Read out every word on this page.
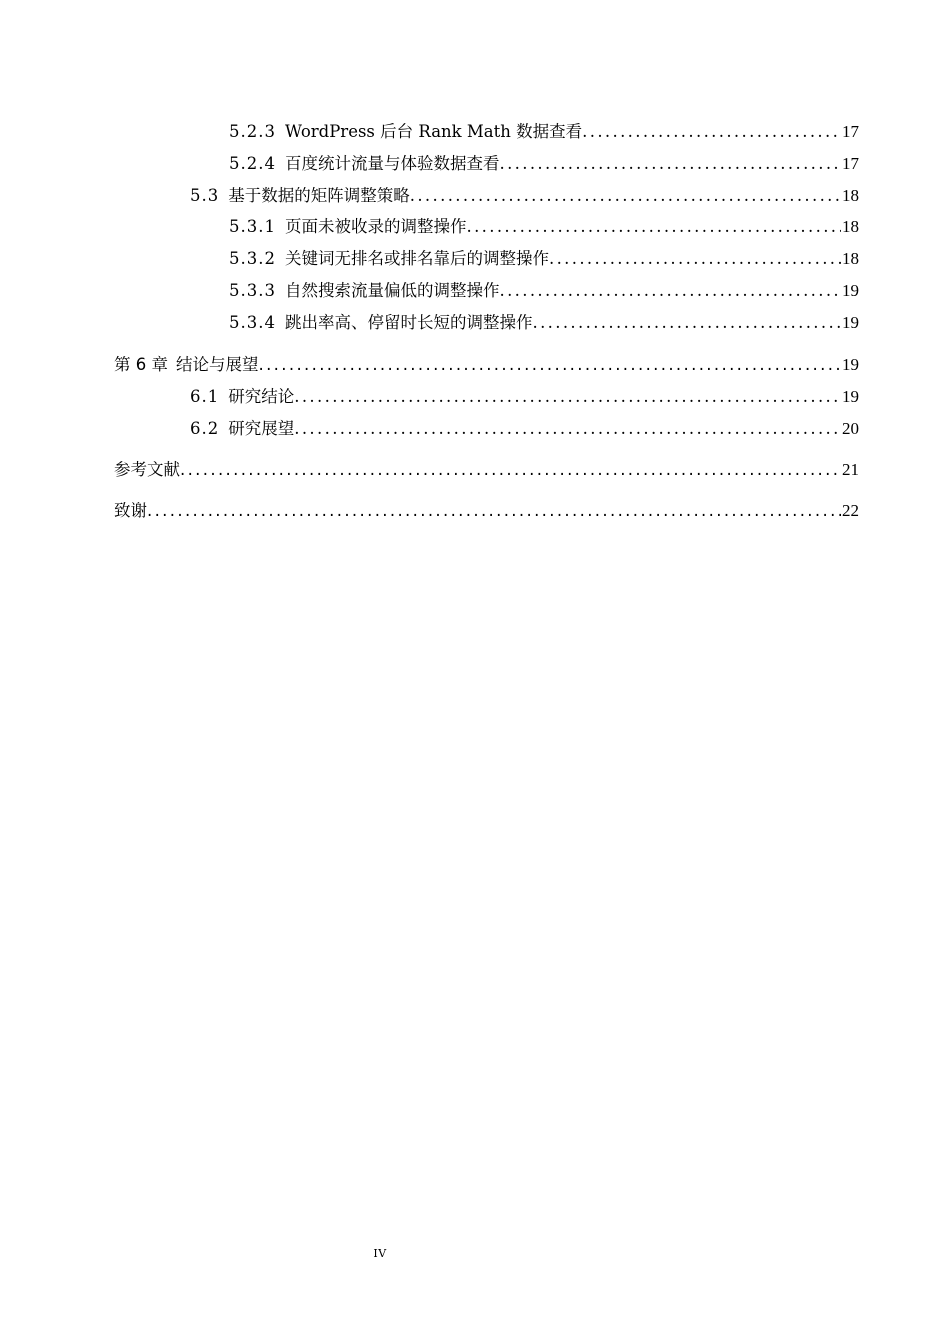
5.2.3 WordPress 后台 Rank Math 数据查看 . . .	17
5.2.4 百度统计流量与体验数据查看 . . .	17
5.3 基于数据的矩阵调整策略 . . .	18
5.3.1 页面未被收录的调整操作 . . .	18
5.3.2 关键词无排名或排名靠后的调整操作 . . .	18
5.3.3 自然搜索流量偏低的调整操作 . . .	19
5.3.4 跳出率高、停留时长短的调整操作 . . .	19
第 6 章 结论与展望 . . .	19
6.1 研究结论 . . .	19
6.2 研究展望 . . .	20
参考文献 . . .	21
致谢 . . .	22
IV
